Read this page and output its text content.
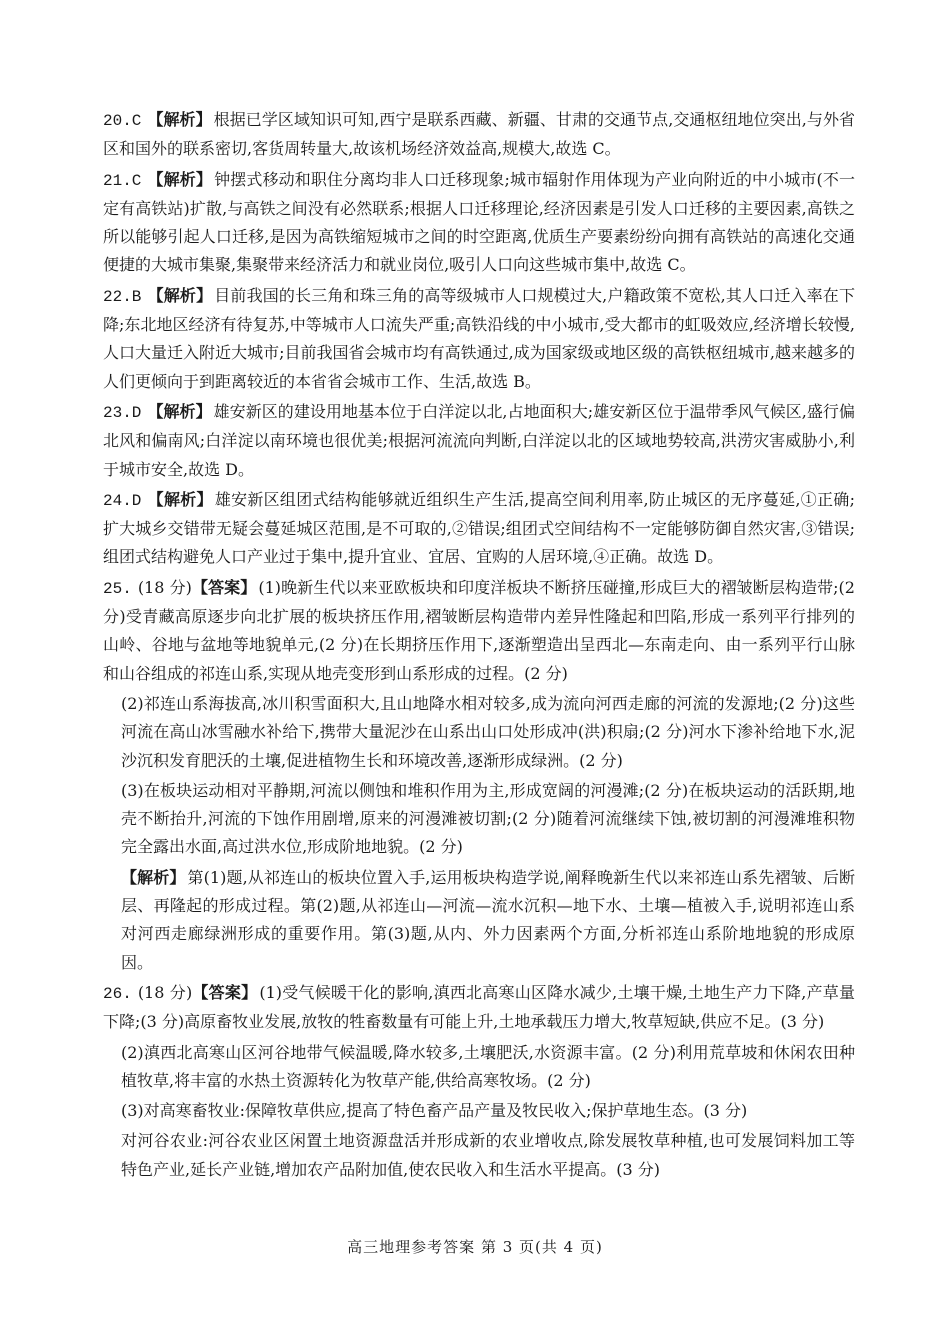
20.C 【解析】 根据已学区域知识可知,西宁是联系西藏、新疆、甘肃的交通节点,交通枢纽地位突出,与外省区和国外的联系密切,客货周转量大,故该机场经济效益高,规模大,故选 C。
21.C 【解析】 钟摆式移动和职住分离均非人口迁移现象;城市辐射作用体现为产业向附近的中小城市(不一定有高铁站)扩散,与高铁之间没有必然联系;根据人口迁移理论,经济因素是引发人口迁移的主要因素,高铁之所以能够引起人口迁移,是因为高铁缩短城市之间的时空距离,优质生产要素纷纷向拥有高铁站的高速化交通便捷的大城市集聚,集聚带来经济活力和就业岗位,吸引人口向这些城市集中,故选 C。
22.B 【解析】 目前我国的长三角和珠三角的高等级城市人口规模过大,户籍政策不宽松,其人口迁入率在下降;东北地区经济有待复苏,中等城市人口流失严重;高铁沿线的中小城市,受大都市的虹吸效应,经济增长较慢,人口大量迁入附近大城市;目前我国省会城市均有高铁通过,成为国家级或地区级的高铁枢纽城市,越来越多的人们更倾向于到距离较近的本省省会城市工作、生活,故选 B。
23.D 【解析】 雄安新区的建设用地基本位于白洋淀以北,占地面积大;雄安新区位于温带季风气候区,盛行偏北风和偏南风;白洋淀以南环境也很优美;根据河流流向判断,白洋淀以北的区域地势较高,洪涝灾害威胁小,利于城市安全,故选 D。
24.D 【解析】 雄安新区组团式结构能够就近组织生产生活,提高空间利用率,防止城区的无序蔓延,①正确;扩大城乡交错带无疑会蔓延城区范围,是不可取的,②错误;组团式空间结构不一定能够防御自然灾害,③错误;组团式结构避免人口产业过于集中,提升宜业、宜居、宜购的人居环境,④正确。故选 D。
25. (18 分)【答案】 (1)晚新生代以来亚欧板块和印度洋板块不断挤压碰撞,形成巨大的褶皱断层构造带;(2 分)受青藏高原逐步向北扩展的板块挤压作用,褶皱断层构造带内差异性隆起和凹陷,形成一系列平行排列的山岭、谷地与盆地等地貌单元,(2 分)在长期挤压作用下,逐渐塑造出呈西北—东南走向、由一系列平行山脉和山谷组成的祁连山系,实现从地壳变形到山系形成的过程。(2 分)
(2)祁连山系海拔高,冰川积雪面积大,且山地降水相对较多,成为流向河西走廊的河流的发源地;(2 分)这些河流在高山冰雪融水补给下,携带大量泥沙在山系出山口处形成冲(洪)积扇;(2 分)河水下渗补给地下水,泥沙沉积发育肥沃的土壤,促进植物生长和环境改善,逐渐形成绿洲。(2 分)
(3)在板块运动相对平静期,河流以侧蚀和堆积作用为主,形成宽阔的河漫滩;(2 分)在板块运动的活跃期,地壳不断抬升,河流的下蚀作用剧增,原来的河漫滩被切割;(2 分)随着河流继续下蚀,被切割的河漫滩堆积物完全露出水面,高过洪水位,形成阶地地貌。(2 分)
【解析】 第(1)题,从祁连山的板块位置入手,运用板块构造学说,阐释晚新生代以来祁连山系先褶皱、后断层、再隆起的形成过程。第(2)题,从祁连山—河流—流水沉积—地下水、土壤—植被入手,说明祁连山系对河西走廊绿洲形成的重要作用。第(3)题,从内、外力因素两个方面,分析祁连山系阶地地貌的形成原因。
26. (18 分)【答案】 (1)受气候暖干化的影响,滇西北高寒山区降水减少,土壤干燥,土地生产力下降,产草量下降;(3 分)高原畜牧业发展,放牧的牲畜数量有可能上升,土地承载压力增大,牧草短缺,供应不足。(3 分)
(2)滇西北高寒山区河谷地带气候温暖,降水较多,土壤肥沃,水资源丰富。(2 分)利用荒草坡和休闲农田种植牧草,将丰富的水热土资源转化为牧草产能,供给高寒牧场。(2 分)
(3)对高寒畜牧业:保障牧草供应,提高了特色畜产品产量及牧民收入;保护草地生态。(3 分)
对河谷农业:河谷农业区闲置土地资源盘活并形成新的农业增收点,除发展牧草种植,也可发展饲料加工等特色产业,延长产业链,增加农产品附加值,使农民收入和生活水平提高。(3 分)
高三地理参考答案 第 3 页(共 4 页)
